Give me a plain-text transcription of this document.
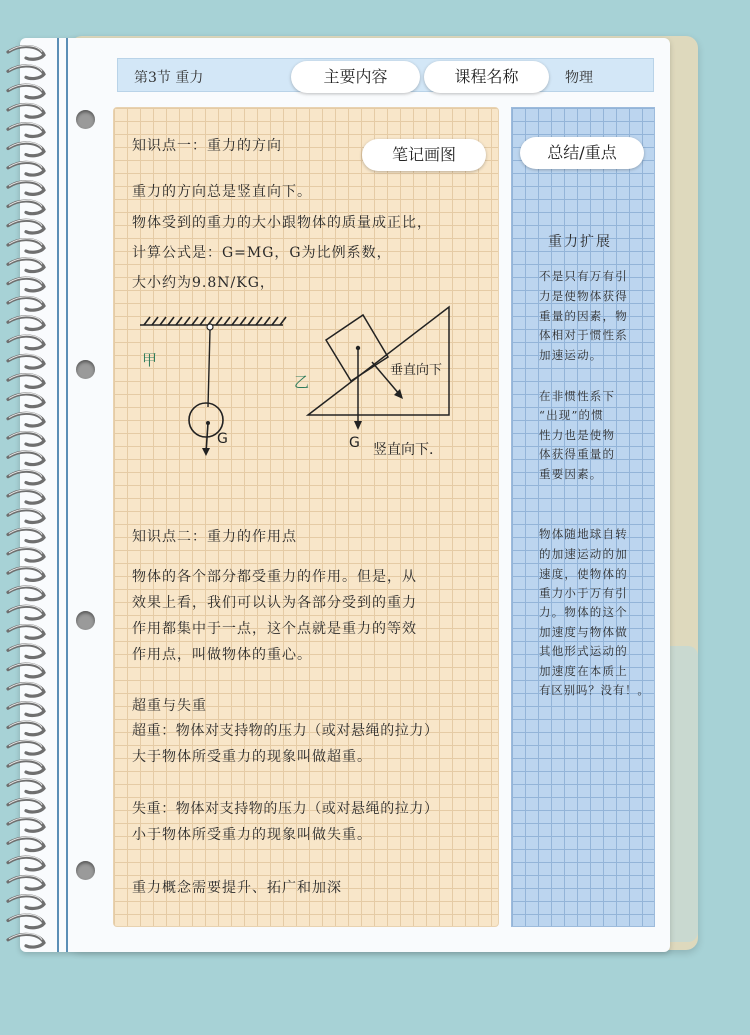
第3节 重力	主要内容	课程名称	物理
笔记画图	总结/重点
知识点一：重力的方向
重力的方向总是竖直向下。
物体受到的重力的大小跟物体的质量成正比，
计算公式是：G=MG，G为比例系数，
大小约为9.8N/KG，
知识点二：重力的作用点
物体的各个部分都受重力的作用。但是，从
效果上看，我们可以认为各部分受到的重力
作用都集中于一点，这个点就是重力的等效
作用点，叫做物体的重心。
超重与失重
超重：物体对支持物的压力（或对悬绳的拉力）
大于物体所受重力的现象叫做超重。
失重：物体对支持物的压力（或对悬绳的拉力）
小于物体所受重力的现象叫做失重。
重力概念需要提升、拓广和加深
甲
G
乙
垂直向下
G 竖直向下.
重力扩展
不是只有万有引
力是使物体获得
重量的因素，物
体相对于惯性系
加速运动。
在非惯性系下
“出现”的惯
性力也是使物
体获得重量的
重要因素。
物体随地球自转
的加速运动的加
速度，使物体的
重力小于万有引
力。物体的这个
加速度与物体做
其他形式运动的
加速度在本质上
有区别吗？没有！。
